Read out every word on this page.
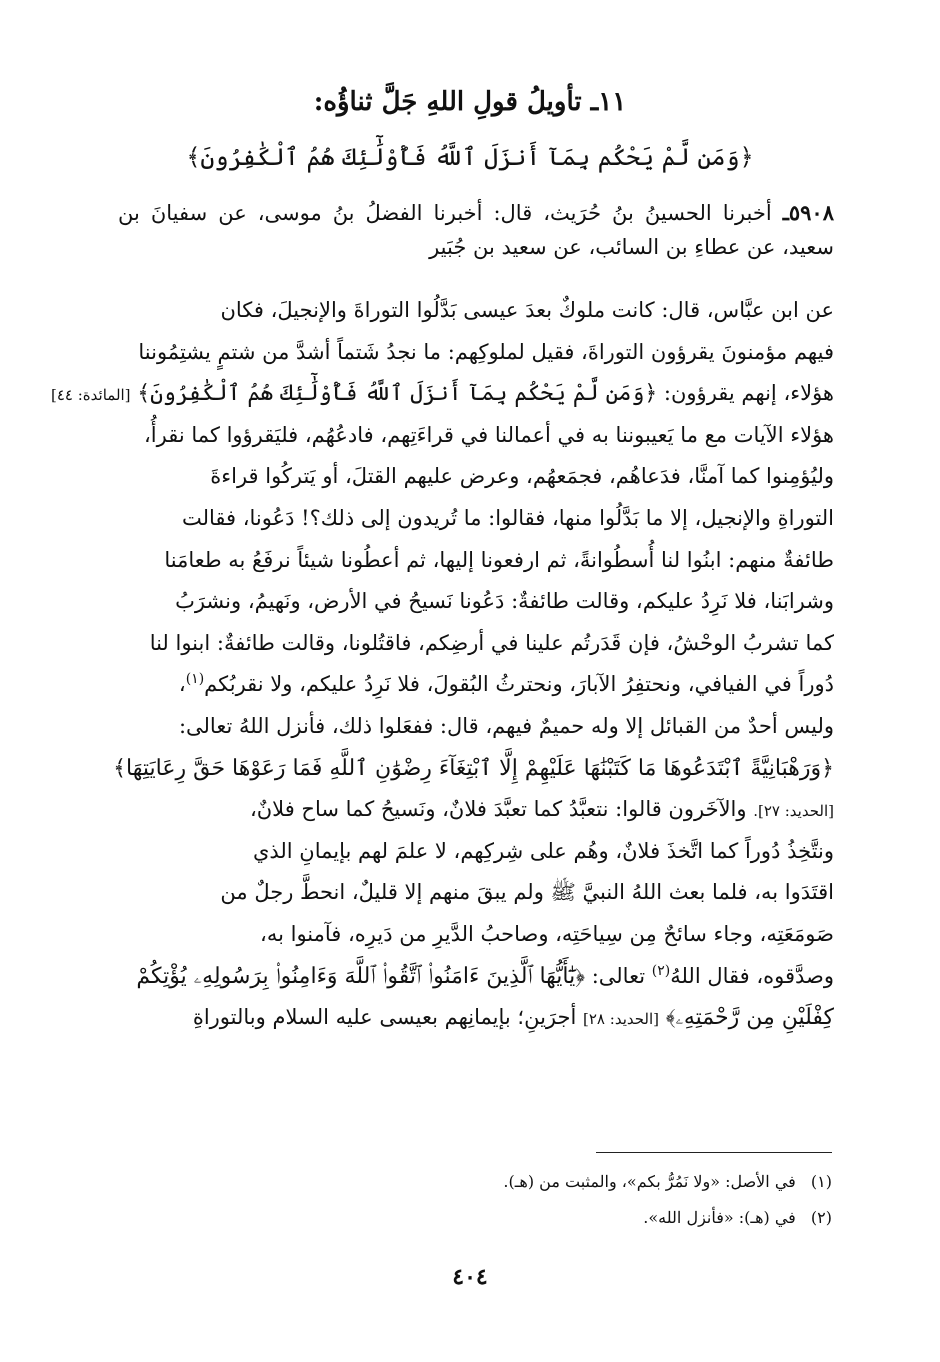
١١ـ تأويلُ قولِ اللهِ جَلَّ ثناؤُه:
﴿وَمَن لَّمْ يَحْكُم بِمَآ أَنزَلَ ٱللَّهُ فَأُوْلَٰٓئِكَ هُمُ ٱلْكَٰفِرُونَ﴾
٥٩٠٨ـ أخبرنا الحسينُ بنُ حُرَيث، قال: أخبرنا الفضلُ بنُ موسى، عن سفيانَ بن سعيد، عن عطاءِ بن السائب، عن سعيد بن جُبَير
عن ابن عبَّاس، قال: كانت ملوكٌ بعدَ عيسى بَدَّلُوا التوراةَ والإنجيلَ، فكان
فيهم مؤمنونَ يقرؤون التوراةَ، فقيل لملوكِهم: ما نجدُ شَتماً أشدَّ من شتمٍ يشتِمُوننا
هؤلاء، إنهم يقرؤون: ﴿وَمَن لَّمْ يَحْكُم بِمَآ أَنزَلَ ٱللَّهُ فَأُوْلَٰٓئِكَ هُمُ ٱلْكَٰفِرُونَ﴾ [المائدة: ٤٤]
هؤلاء الآيات مع ما يَعيبوننا به في أعمالنا في قراءَتِهم، فادعُهُم، فليَقرؤوا كما نقرأُ،
وليُؤمِنوا كما آمنَّا، فدَعاهُم، فجمَعهُم، وعرض عليهم القتلَ، أو يَتركُوا قراءةَ
التوراةِ والإنجيل، إلا ما بَدَّلُوا منها، فقالوا: ما تُريدون إلى ذلك؟! دَعُونا، فقالت
طائفةٌ منهم: ابنُوا لنا أُسطُوانةً، ثم ارفعونا إليها، ثم أعطُونا شيئاً نرفَعُ به طعامَنا
وشرابَنا، فلا نَرِدُ عليكم، وقالت طائفةٌ: دَعُونا نَسيحُ في الأرض، ونَهيمُ، ونشرَبُ
كما تشربُ الوحْشُ، فإن قَدَرتُم علينا في أرضِكم، فاقتُلونا، وقالت طائفةٌ: ابنوا لنا
دُوراً في الفيافي، ونحتفِرُ الآبارَ، ونحترثُ البُقولَ، فلا نَرِدُ عليكم، ولا نقربُكم$^{(١)}$،
وليس أحدٌ من القبائل إلا وله حميمٌ فيهم، قال: ففعَلوا ذلك، فأنزل اللهُ تعالى:
﴿وَرَهْبَانِيَّةً ٱبْتَدَعُوهَا مَا كَتَبْنَٰهَا عَلَيْهِمْ إِلَّا ٱبْتِغَآءَ رِضْوَٰنِ ٱللَّهِ فَمَا رَعَوْهَا حَقَّ رِعَايَتِهَا﴾
[الحديد: ٢٧]. والآخَرون قالوا: نتعبَّدُ كما تعبَّدَ فلانٌ، ونَسيحُ كما ساح فلانٌ،
ونتَّخِذُ دُوراً كما اتَّخذَ فلانٌ، وهُم على شِركِهم، لا علمَ لهم بإيمانِ الذي
اقتَدَوا به، فلما بعث اللهُ النبيَّ ﷺ ولم يبقَ منهم إلا قليلٌ، انحطَّ رجلٌ من
صَومَعَتِه، وجاء سائحٌ مِن سِياحَتِه، وصاحبُ الدَّيرِ من دَيرِه، فآمنوا به،
وصدَّقوه، فقال اللهُ$^{(٢)}$ تعالى: ﴿يَٰٓأَيُّهَا ٱلَّذِينَ ءَامَنُوا۟ ٱتَّقُوا۟ ٱللَّهَ وَءَامِنُوا۟ بِرَسُولِهِۦ يُؤْتِكُمْ
كِفْلَيْنِ مِن رَّحْمَتِهِۦ﴾ [الحديد: ٢٨] أجرَينِ؛ بإيمانِهم بعيسى عليه السلام وبالتوراةِ
(١) في الأصل: «ولا نَمُرُّ بكم»، والمثبت من (هـ).
(٢) في (هـ): «فأنزل الله».
٤٠٤
